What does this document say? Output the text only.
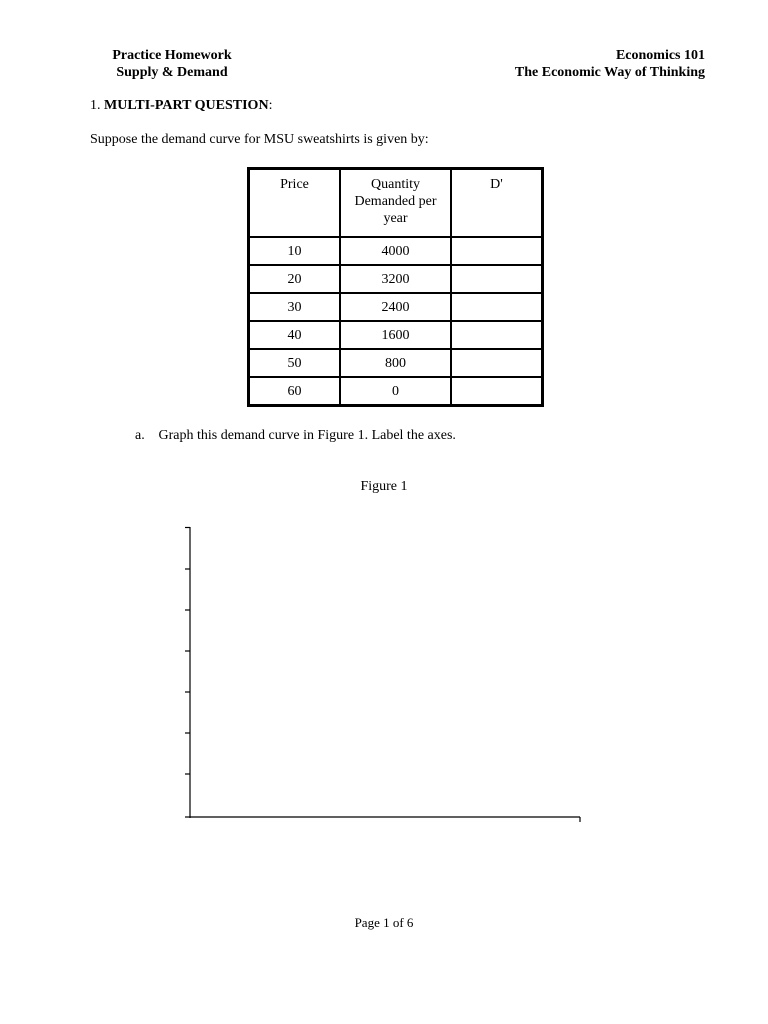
Practice Homework
Supply & Demand
Economics 101
The Economic Way of Thinking
1. MULTI-PART QUESTION:
Suppose the demand curve for MSU sweatshirts is given by:
Price	Quantity Demanded per year	D'
10	4000	
20	3200	
30	2400	
40	1600	
50	800	
60	0	
a. Graph this demand curve in Figure 1. Label the axes.
Figure 1
Page 1 of 6
